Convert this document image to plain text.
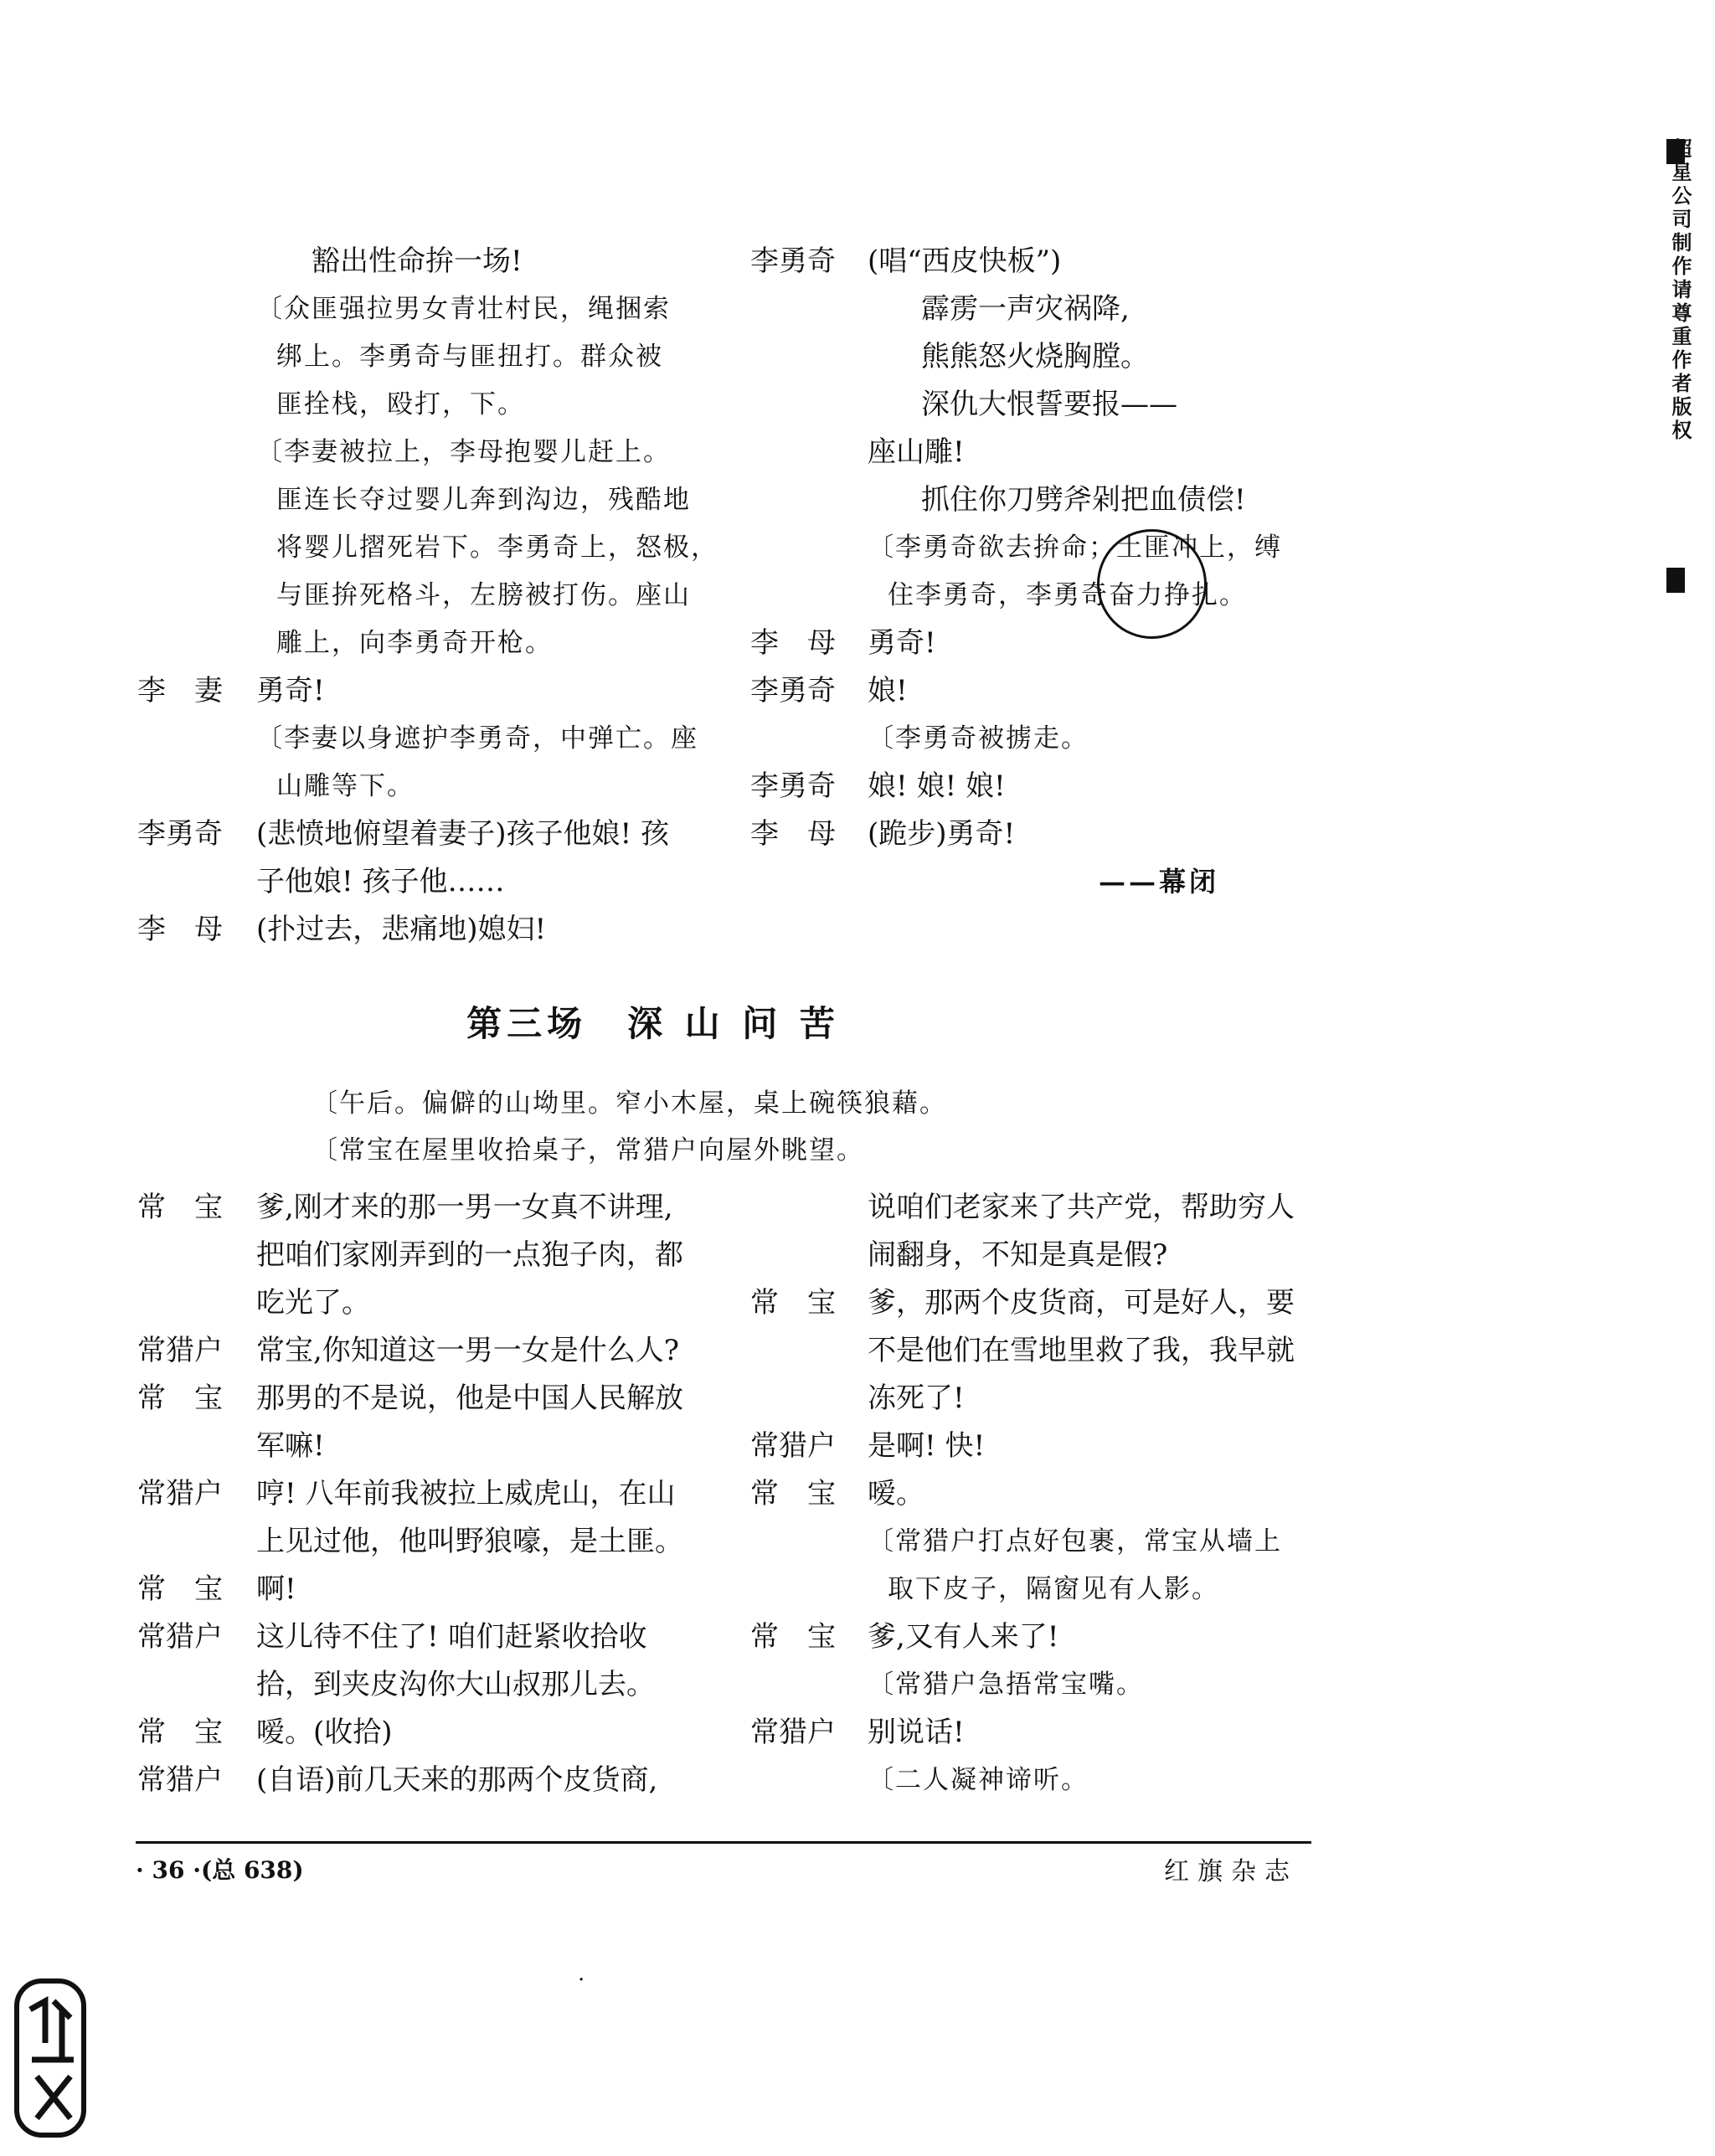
——幕闭
第三场　深 山 问 苦
〔午后。偏僻的山坳里。窄小木屋，桌上碗筷狼藉。
〔常宝在屋里收拾桌子，常猎户向屋外眺望。
· 36 ·(总 638)	红旗杂志
超星公司制作请尊重作者版权
·
豁出性命拚一场!
〔众匪强拉男女青壮村民，绳捆索
绑上。李勇奇与匪扭打。群众被
匪拴栈，殴打，下。
〔李妻被拉上，李母抱婴儿赶上。
匪连长夺过婴儿奔到沟边，残酷地
将婴儿摺死岩下。李勇奇上，怒极，
与匪拚死格斗，左膀被打伤。座山
雕上，向李勇奇开枪。
李　妻 勇奇!
〔李妻以身遮护李勇奇，中弹亡。座
山雕等下。
李勇奇 (悲愤地俯望着妻子)孩子他娘! 孩
子他娘! 孩子他……
李　母 (扑过去，悲痛地)媳妇!
李勇奇 (唱“西皮快板”)
霹雳一声灾祸降,
熊熊怒火烧胸膛。
深仇大恨誓要报——
座山雕!
抓住你刀劈斧剁把血债偿!
〔李勇奇欲去拚命；土匪冲上，缚
住李勇奇，李勇奇奋力挣扎。
李　母 勇奇!
李勇奇 娘!
〔李勇奇被掳走。
李勇奇 娘! 娘! 娘!
李　母 (跪步)勇奇!
常　宝 爹,刚才来的那一男一女真不讲理,
把咱们家刚弄到的一点狍子肉，都
吃光了。
常猎户 常宝,你知道这一男一女是什么人?
常　宝 那男的不是说，他是中国人民解放
军嘛!
常猎户 哼! 八年前我被拉上威虎山，在山
上见过他，他叫野狼嚎，是土匪。
常　宝 啊!
常猎户 这儿待不住了! 咱们赶紧收拾收
拾，到夹皮沟你大山叔那儿去。
常　宝 嗳。(收拾)
常猎户 (自语)前几天来的那两个皮货商,
说咱们老家来了共产党，帮助穷人
闹翻身，不知是真是假?
常　宝 爹，那两个皮货商，可是好人，要
不是他们在雪地里救了我，我早就
冻死了!
常猎户 是啊! 快!
常　宝 嗳。
〔常猎户打点好包裹，常宝从墙上
取下皮子，隔窗见有人影。
常　宝 爹,又有人来了!
〔常猎户急捂常宝嘴。
常猎户 别说话!
〔二人凝神谛听。
